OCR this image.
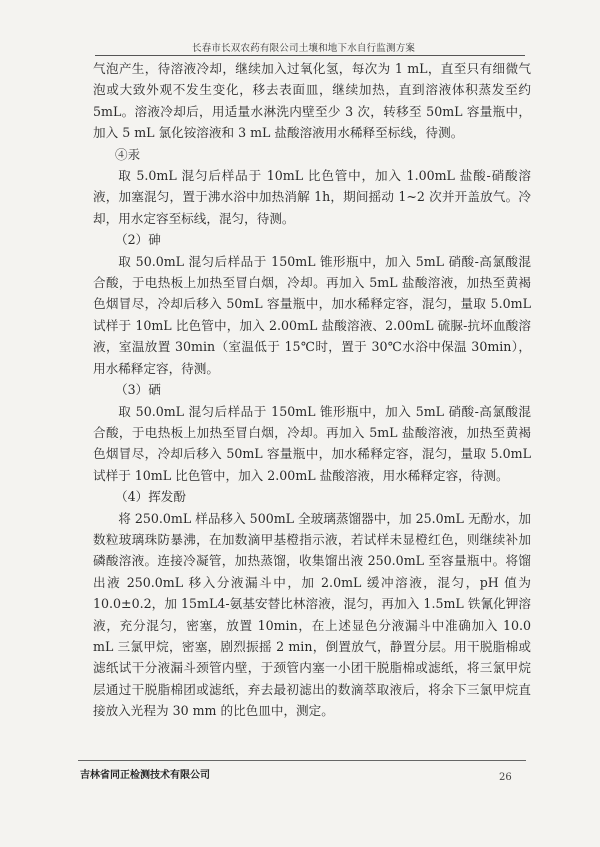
长春市长双农药有限公司土壤和地下水自行监测方案

气泡产生，待溶液冷却，继续加入过氧化氢，每次为 1 mL，直至只有细微气泡或大致外观不发生变化，移去表面皿，继续加热，直到溶液体积蒸发至约 5mL。溶液冷却后，用适量水淋洗内壁至少 3 次，转移至 50mL 容量瓶中，加入 5 mL 氯化铵溶液和 3 mL 盐酸溶液用水稀释至标线，待测。

④汞

取 5.0mL 混匀后样品于 10mL 比色管中，加入 1.00mL 盐酸-硝酸溶液，加塞混匀，置于沸水浴中加热消解 1h，期间摇动 1~2 次并开盖放气。冷却，用水定容至标线，混匀，待测。

（2）砷

取 50.0mL 混匀后样品于 150mL 锥形瓶中，加入 5mL 硝酸-高氯酸混合酸，于电热板上加热至冒白烟，冷却。再加入 5mL 盐酸溶液，加热至黄褐色烟冒尽，冷却后移入 50mL 容量瓶中，加水稀释定容，混匀，量取 5.0mL 试样于 10mL 比色管中，加入 2.00mL 盐酸溶液、2.00mL 硫脲-抗坏血酸溶液，室温放置 30min（室温低于 15℃时，置于 30℃水浴中保温 30min），用水稀释定容，待测。

（3）硒

取 50.0mL 混匀后样品于 150mL 锥形瓶中，加入 5mL 硝酸-高氯酸混合酸，于电热板上加热至冒白烟，冷却。再加入 5mL 盐酸溶液，加热至黄褐色烟冒尽，冷却后移入 50mL 容量瓶中，加水稀释定容，混匀，量取 5.0mL 试样于 10mL 比色管中，加入 2.00mL 盐酸溶液，用水稀释定容，待测。

（4）挥发酚

将 250.0mL 样品移入 500mL 全玻璃蒸馏器中，加 25.0mL 无酚水，加数粒玻璃珠防暴沸，在加数滴甲基橙指示液，若试样未显橙红色，则继续补加磷酸溶液。连接冷凝管，加热蒸馏，收集馏出液 250.0mL 至容量瓶中。将馏出液 250.0mL 移入分液漏斗中，加 2.0mL 缓冲溶液，混匀，pH 值为 10.0±0.2，加 15mL4-氨基安替比林溶液，混匀，再加入 1.5mL 铁氰化钾溶液，充分混匀，密塞，放置 10min，在上述显色分液漏斗中准确加入 10.0 mL 三氯甲烷，密塞，剧烈振摇 2 min，倒置放气，静置分层。用干脱脂棉或滤纸试干分液漏斗颈管内壁，于颈管内塞一小团干脱脂棉或滤纸，将三氯甲烷层通过干脱脂棉团或滤纸，弃去最初滤出的数滴萃取液后，将余下三氯甲烷直接放入光程为 30 mm 的比色皿中，测定。

吉林省同正检测技术有限公司	26
